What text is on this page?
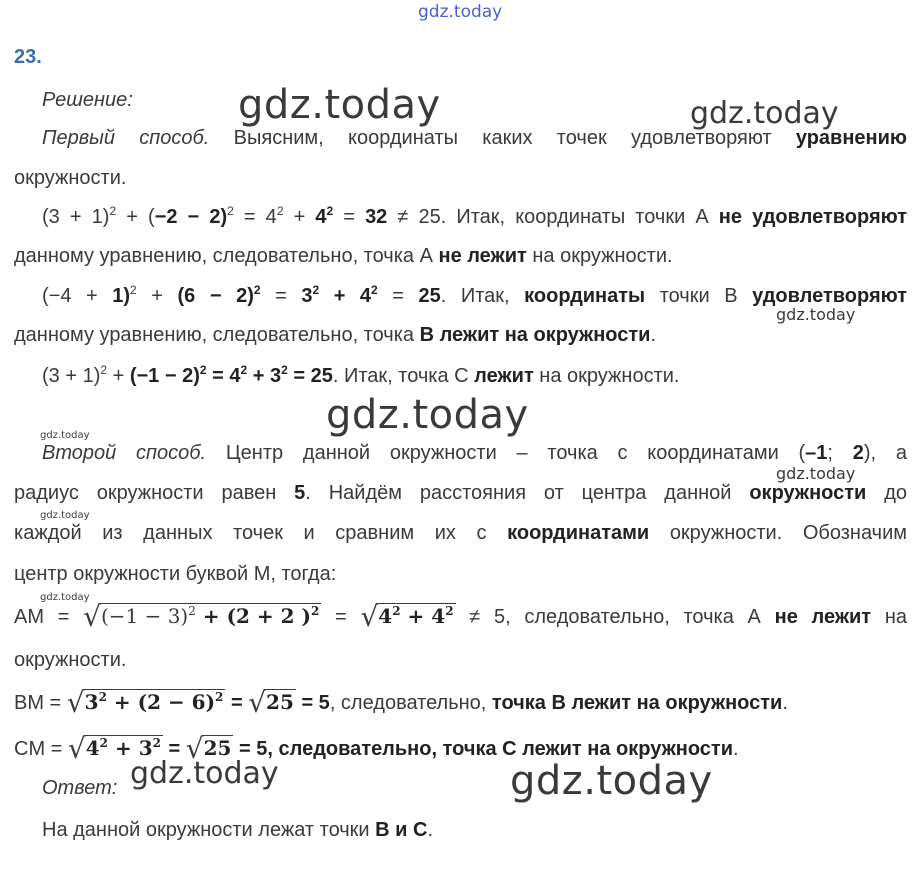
gdz.today
gdz.today	gdz.today
gdz.today
gdz.today
gdz.today
gdz.today
gdz.today
gdz.today
gdz.today	gdz.today
23.
Решение:
Первый способ. Выясним, координаты каких точек удовлетворяют уравнению
окружности.
$(3 + 1)^2 + (-2 - 2)^2 = 4^2 + 4^2 = 32 \ne 25$. Итак, координаты точки А не удовлетворяют
данному уравнению, следовательно, точка А не лежит на окружности.
$(-4 + 1)^2 + (6 - 2)^2 = 3^2 + 4^2 = 25$. Итак, координаты точки В удовлетворяют
данному уравнению, следовательно, точка В лежит на окружности.
$(3 + 1)^2 + (-1 - 2)^2 = 4^2 + 3^2 = 25$. Итак, точка С лежит на окружности.
Второй способ. Центр данной окружности – точка с координатами (–1; 2), а
радиус окружности равен 5. Найдём расстояния от центра данной окружности до
каждой из данных точек и сравним их с координатами окружности. Обозначим
центр окружности буквой М, тогда:
AM = $√(-1 - 3)^2 + (2 + 2$ )$^2 = √4^2 + 4^2 \ne 5$, следовательно, точка А не лежит на
окружности.
BM = $√3^2 + (2 - 6)^2 = √25 = 5$, следовательно, точка В лежит на окружности.
CM = $√4^2 + 3^2 = √25 = 5$, следовательно, точка С лежит на окружности.
Ответ:
На данной окружности лежат точки В и С.
